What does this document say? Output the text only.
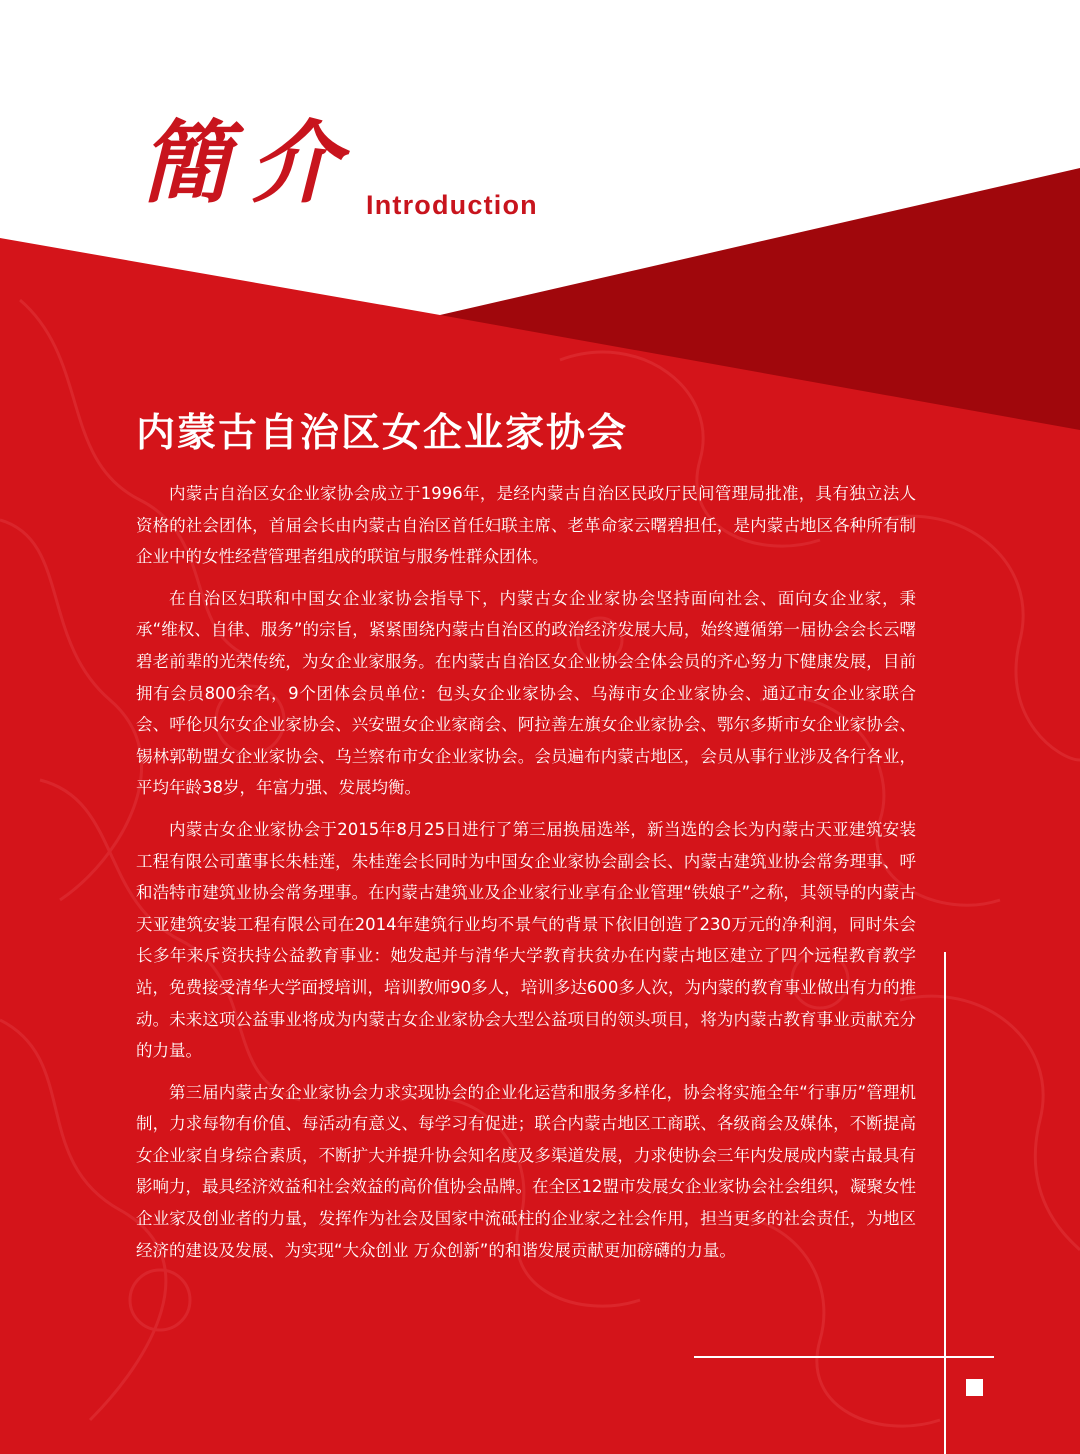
簡介 Introduction
内蒙古自治区女企业家协会

内蒙古自治区女企业家协会成立于1996年，是经内蒙古自治区民政厅民间管理局批准，具有独立法人资格的社会团体，首届会长由内蒙古自治区首任妇联主席、老革命家云曙碧担任，是内蒙古地区各种所有制企业中的女性经营管理者组成的联谊与服务性群众团体。

在自治区妇联和中国女企业家协会指导下，内蒙古女企业家协会坚持面向社会、面向女企业家，秉承“维权、自律、服务”的宗旨，紧紧围绕内蒙古自治区的政治经济发展大局，始终遵循第一届协会会长云曙碧老前辈的光荣传统，为女企业家服务。在内蒙古自治区女企业协会全体会员的齐心努力下健康发展，目前拥有会员800余名，9个团体会员单位：包头女企业家协会、乌海市女企业家协会、通辽市女企业家联合会、呼伦贝尔女企业家协会、兴安盟女企业家商会、阿拉善左旗女企业家协会、鄂尔多斯市女企业家协会、锡林郭勒盟女企业家协会、乌兰察布市女企业家协会。会员遍布内蒙古地区，会员从事行业涉及各行各业，平均年龄38岁，年富力强、发展均衡。

内蒙古女企业家协会于2015年8月25日进行了第三届换届选举，新当选的会长为内蒙古天亚建筑安装工程有限公司董事长朱桂莲，朱桂莲会长同时为中国女企业家协会副会长、内蒙古建筑业协会常务理事、呼和浩特市建筑业协会常务理事。在内蒙古建筑业及企业家行业享有企业管理“铁娘子”之称，其领导的内蒙古天亚建筑安装工程有限公司在2014年建筑行业均不景气的背景下依旧创造了230万元的净利润，同时朱会长多年来斥资扶持公益教育事业：她发起并与清华大学教育扶贫办在内蒙古地区建立了四个远程教育教学站，免费接受清华大学面授培训，培训教师90多人，培训多达600多人次，为内蒙的教育事业做出有力的推动。未来这项公益事业将成为内蒙古女企业家协会大型公益项目的领头项目，将为内蒙古教育事业贡献充分的力量。

第三届内蒙古女企业家协会力求实现协会的企业化运营和服务多样化，协会将实施全年“行事历”管理机制，力求每物有价值、每活动有意义、每学习有促进；联合内蒙古地区工商联、各级商会及媒体，不断提高女企业家自身综合素质，不断扩大并提升协会知名度及多渠道发展，力求使协会三年内发展成内蒙古最具有影响力，最具经济效益和社会效益的高价值协会品牌。在全区12盟市发展女企业家协会社会组织，凝聚女性企业家及创业者的力量，发挥作为社会及国家中流砥柱的企业家之社会作用，担当更多的社会责任，为地区经济的建设及发展、为实现“大众创业 万众创新”的和谐发展贡献更加磅礴的力量。
